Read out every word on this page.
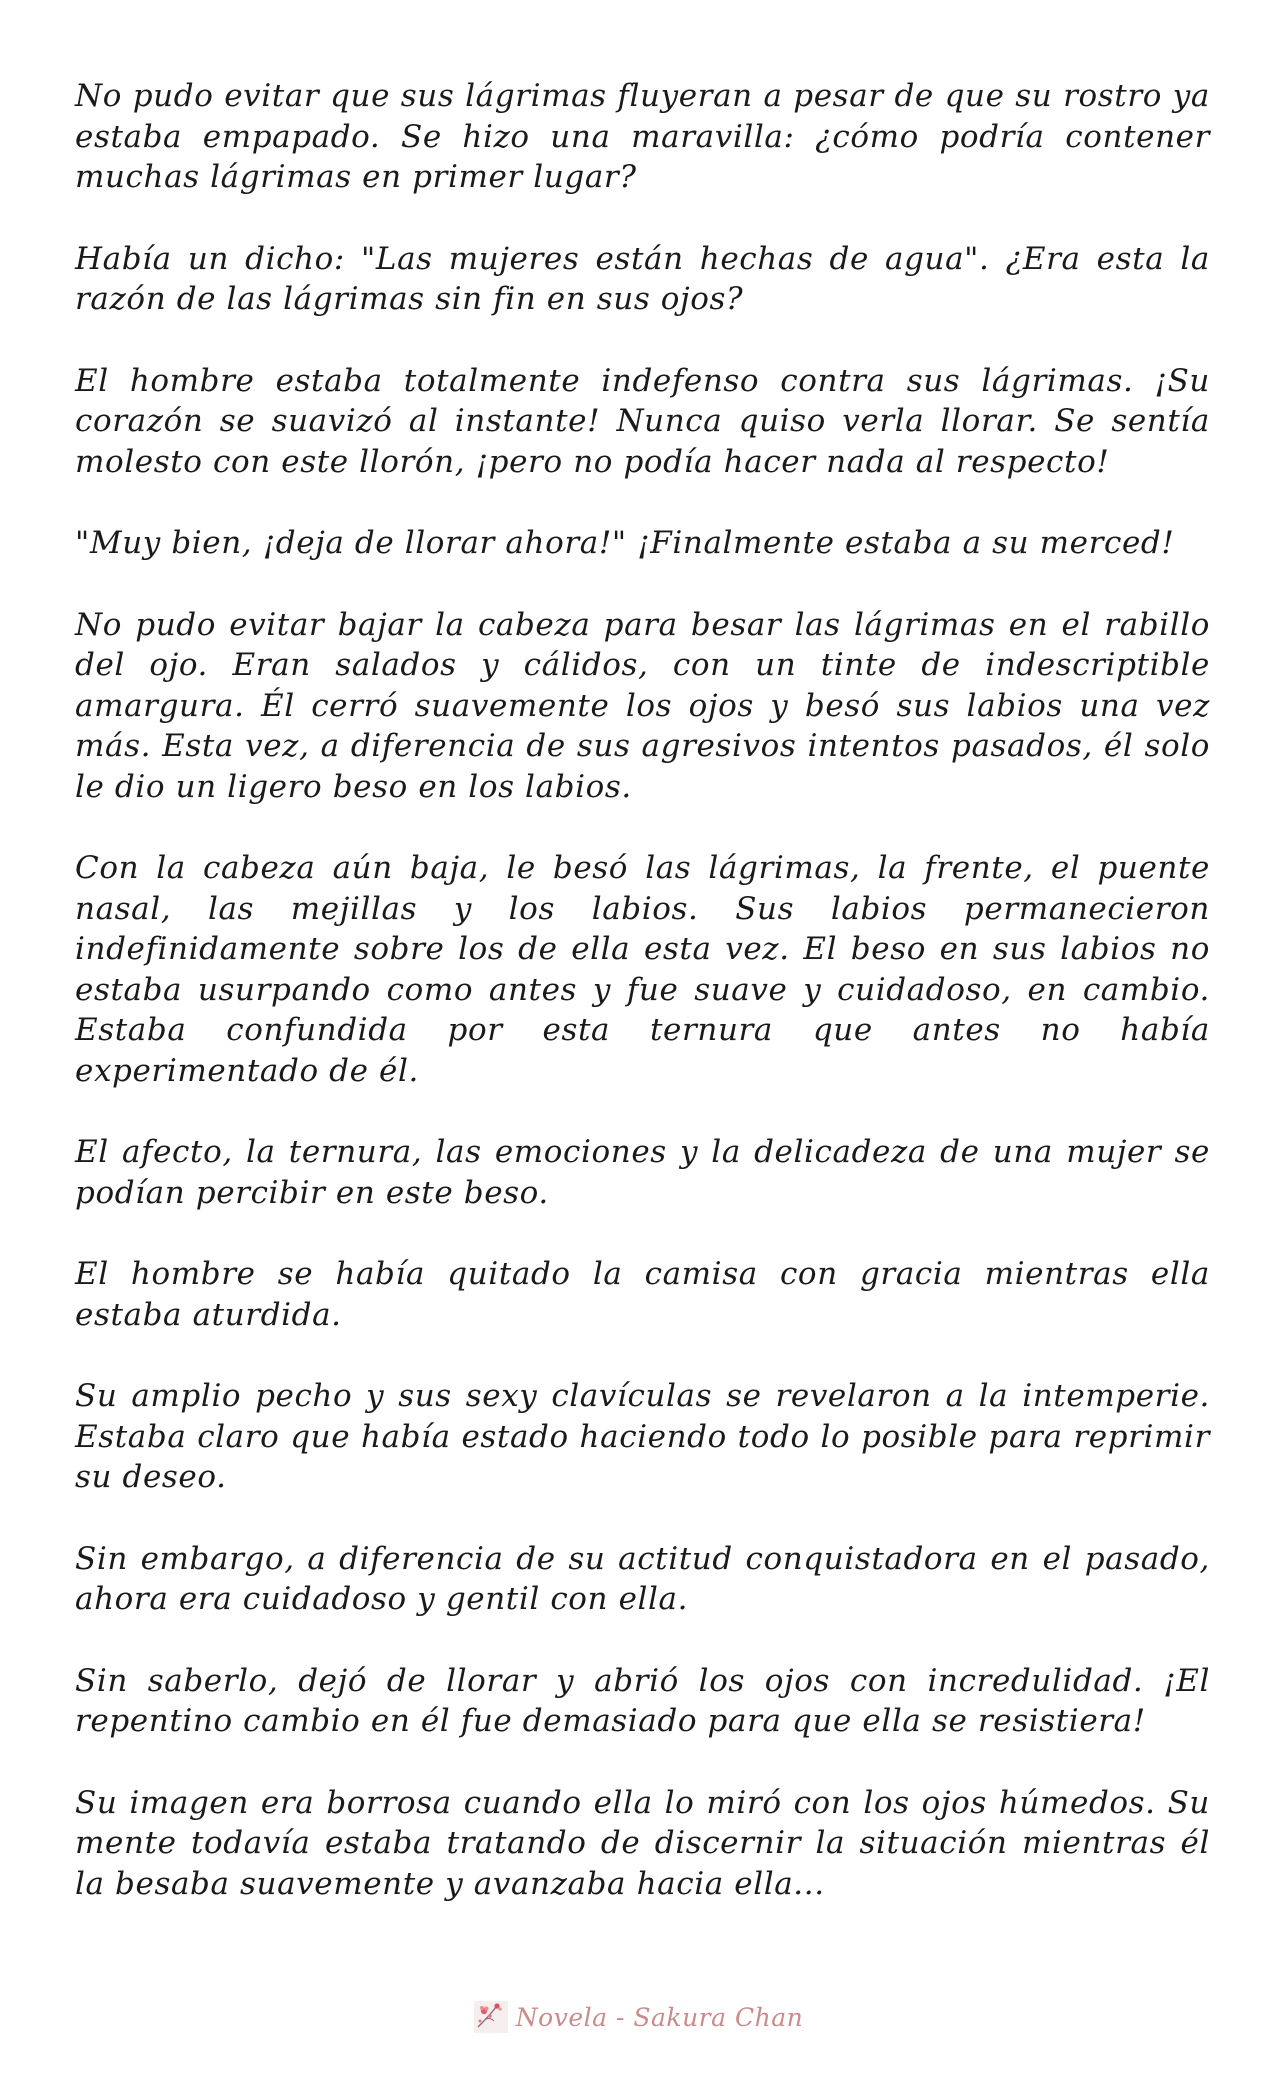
No pudo evitar que sus lágrimas fluyeran a pesar de que su rostro ya estaba empapado. Se hizo una maravilla: ¿cómo podría contener muchas lágrimas en primer lugar?

Había un dicho: "Las mujeres están hechas de agua". ¿Era esta la razón de las lágrimas sin fin en sus ojos?

El hombre estaba totalmente indefenso contra sus lágrimas. ¡Su corazón se suavizó al instante! Nunca quiso verla llorar. Se sentía molesto con este llorón, ¡pero no podía hacer nada al respecto!

"Muy bien, ¡deja de llorar ahora!" ¡Finalmente estaba a su merced!

No pudo evitar bajar la cabeza para besar las lágrimas en el rabillo del ojo. Eran salados y cálidos, con un tinte de indescriptible amargura. Él cerró suavemente los ojos y besó sus labios una vez más. Esta vez, a diferencia de sus agresivos intentos pasados, él solo le dio un ligero beso en los labios.

Con la cabeza aún baja, le besó las lágrimas, la frente, el puente nasal, las mejillas y los labios. Sus labios permanecieron indefinidamente sobre los de ella esta vez. El beso en sus labios no estaba usurpando como antes y fue suave y cuidadoso, en cambio. Estaba confundida por esta ternura que antes no había experimentado de él.

El afecto, la ternura, las emociones y la delicadeza de una mujer se podían percibir en este beso.

El hombre se había quitado la camisa con gracia mientras ella estaba aturdida.

Su amplio pecho y sus sexy clavículas se revelaron a la intemperie. Estaba claro que había estado haciendo todo lo posible para reprimir su deseo.

Sin embargo, a diferencia de su actitud conquistadora en el pasado, ahora era cuidadoso y gentil con ella.

Sin saberlo, dejó de llorar y abrió los ojos con incredulidad. ¡El repentino cambio en él fue demasiado para que ella se resistiera!

Su imagen era borrosa cuando ella lo miró con los ojos húmedos. Su mente todavía estaba tratando de discernir la situación mientras él la besaba suavemente y avanzaba hacia ella...

Novela - Sakura Chan
